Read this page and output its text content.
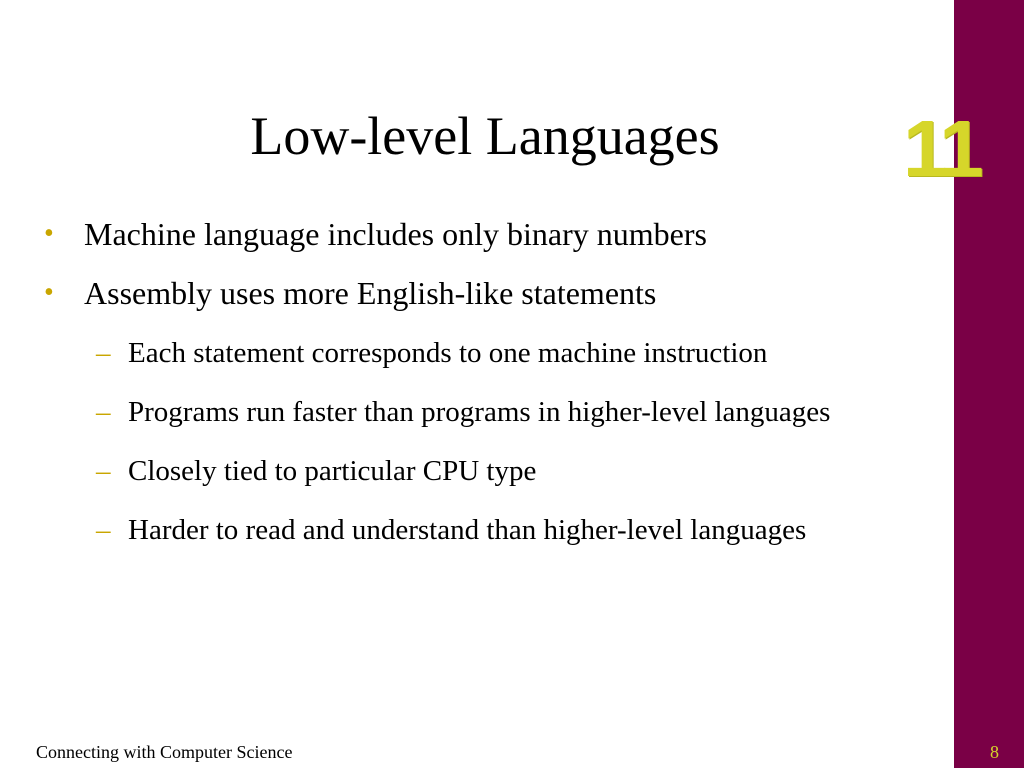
11
Low-level Languages
• Machine language includes only binary numbers
• Assembly uses more English-like statements
– Each statement corresponds to one machine instruction
– Programs run faster than programs in higher-level languages
– Closely tied to particular CPU type
– Harder to read and understand than higher-level languages
Connecting with Computer Science	8
